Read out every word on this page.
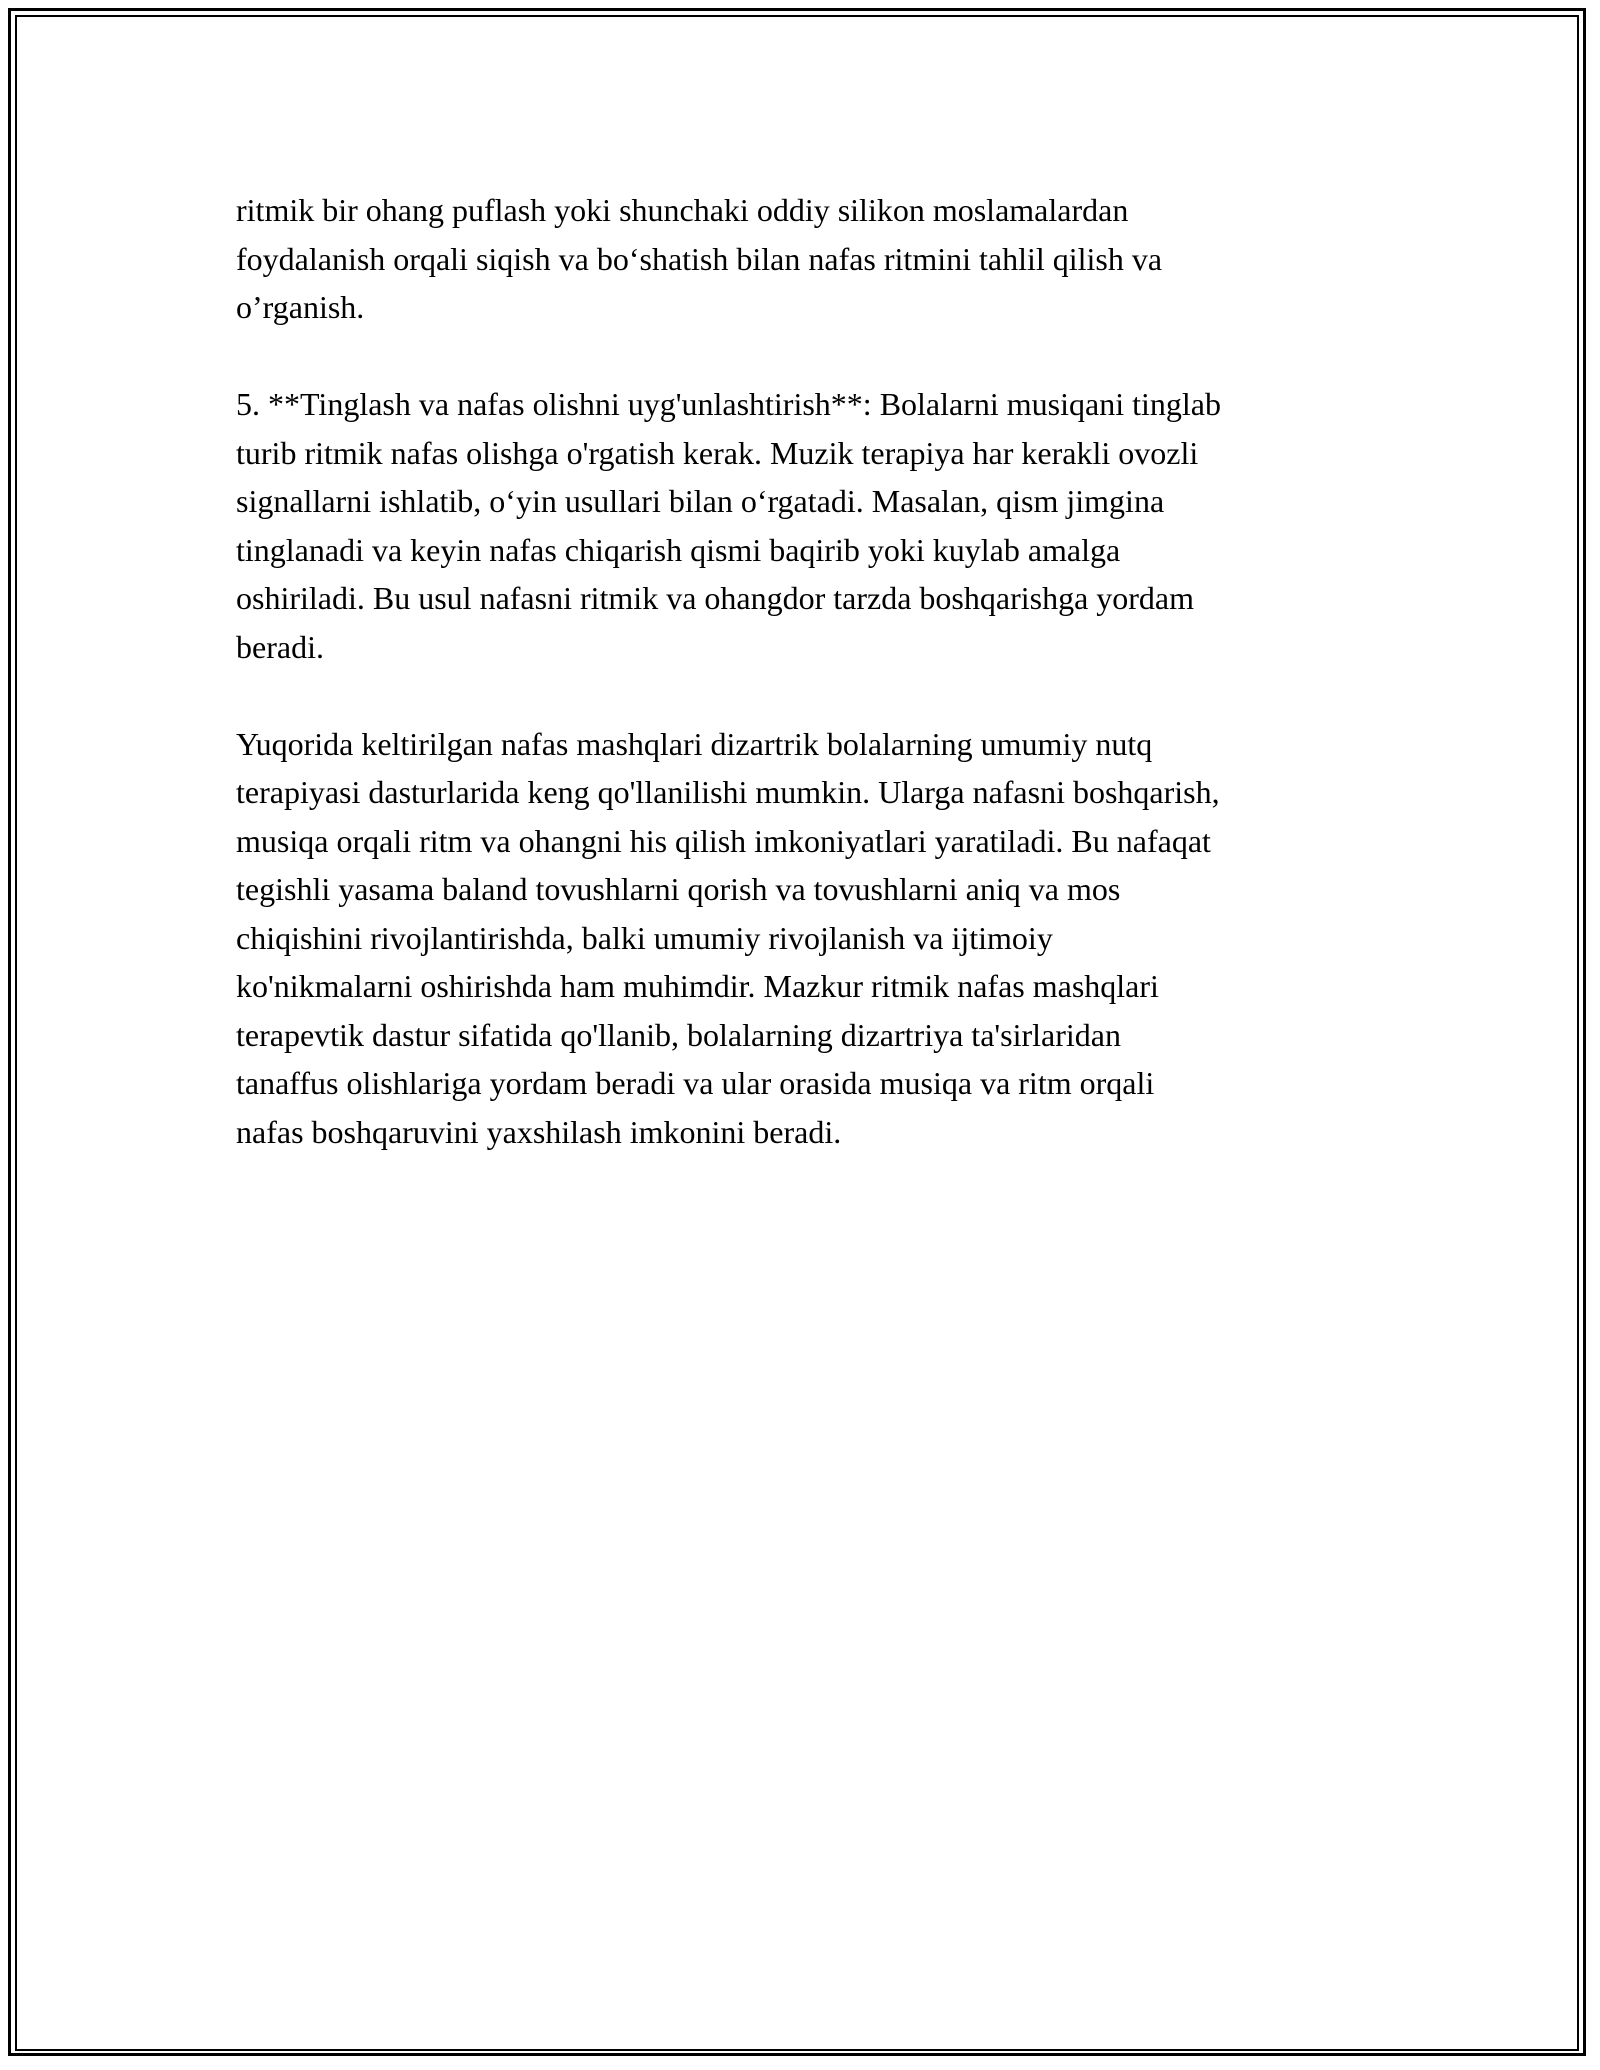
ritmik bir ohang puflash yoki shunchaki oddiy silikon moslamalardan
foydalanish orqali siqish va bo‘shatish bilan nafas ritmini tahlil qilish va
o’rganish.

5. **Tinglash va nafas olishni uyg'unlashtirish**: Bolalarni musiqani tinglab
turib ritmik nafas olishga o'rgatish kerak. Muzik terapiya har kerakli ovozli
signallarni ishlatib, o‘yin usullari bilan o‘rgatadi. Masalan, qism jimgina
tinglanadi va keyin nafas chiqarish qismi baqirib yoki kuylab amalga
oshiriladi. Bu usul nafasni ritmik va ohangdor tarzda boshqarishga yordam
beradi.

Yuqorida keltirilgan nafas mashqlari dizartrik bolalarning umumiy nutq
terapiyasi dasturlarida keng qo'llanilishi mumkin. Ularga nafasni boshqarish,
musiqa orqali ritm va ohangni his qilish imkoniyatlari yaratiladi. Bu nafaqat
tegishli yasama baland tovushlarni qorish va tovushlarni aniq va mos
chiqishini rivojlantirishda, balki umumiy rivojlanish va ijtimoiy
ko'nikmalarni oshirishda ham muhimdir. Mazkur ritmik nafas mashqlari
terapevtik dastur sifatida qo'llanib, bolalarning dizartriya ta'sirlaridan
tanaffus olishlariga yordam beradi va ular orasida musiqa va ritm orqali
nafas boshqaruvini yaxshilash imkonini beradi.
